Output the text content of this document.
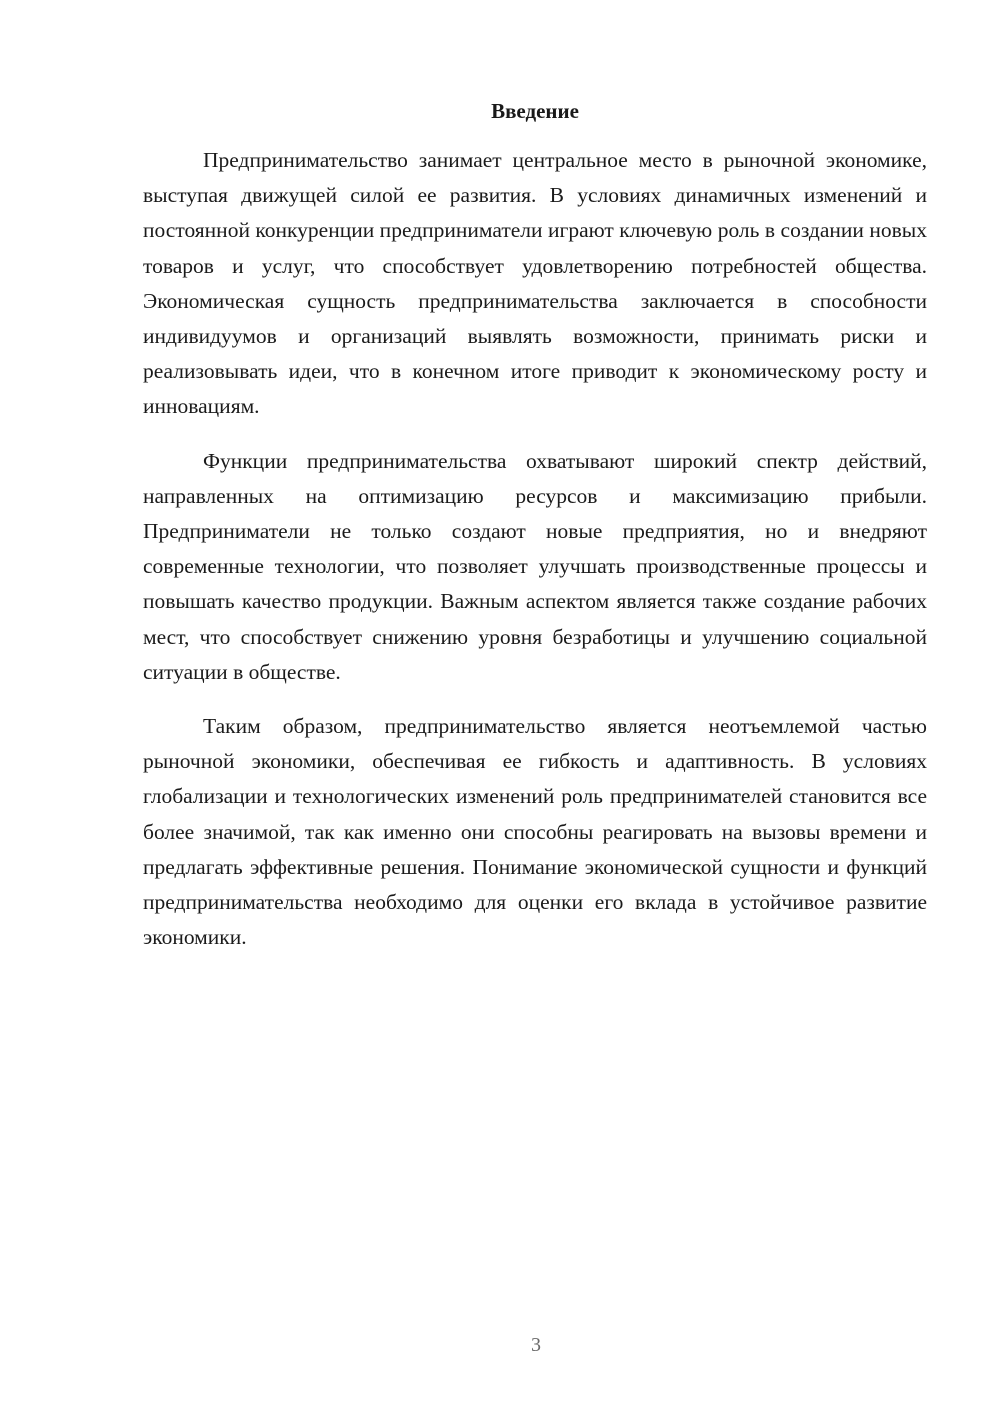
Введение

Предпринимательство занимает центральное место в рыночной экономике, выступая движущей силой ее развития. В условиях динамичных изменений и постоянной конкуренции предприниматели играют ключевую роль в создании новых товаров и услуг, что способствует удовлетворению потребностей общества. Экономическая сущность предпринимательства заключается в способности индивидуумов и организаций выявлять возможности, принимать риски и реализовывать идеи, что в конечном итоге приводит к экономическому росту и инновациям.

Функции предпринимательства охватывают широкий спектр действий, направленных на оптимизацию ресурсов и максимизацию прибыли. Предприниматели не только создают новые предприятия, но и внедряют современные технологии, что позволяет улучшать производственные процессы и повышать качество продукции. Важным аспектом является также создание рабочих мест, что способствует снижению уровня безработицы и улучшению социальной ситуации в обществе.

Таким образом, предпринимательство является неотъемлемой частью рыночной экономики, обеспечивая ее гибкость и адаптивность. В условиях глобализации и технологических изменений роль предпринимателей становится все более значимой, так как именно они способны реагировать на вызовы времени и предлагать эффективные решения. Понимание экономической сущности и функций предпринимательства необходимо для оценки его вклада в устойчивое развитие экономики.

3
